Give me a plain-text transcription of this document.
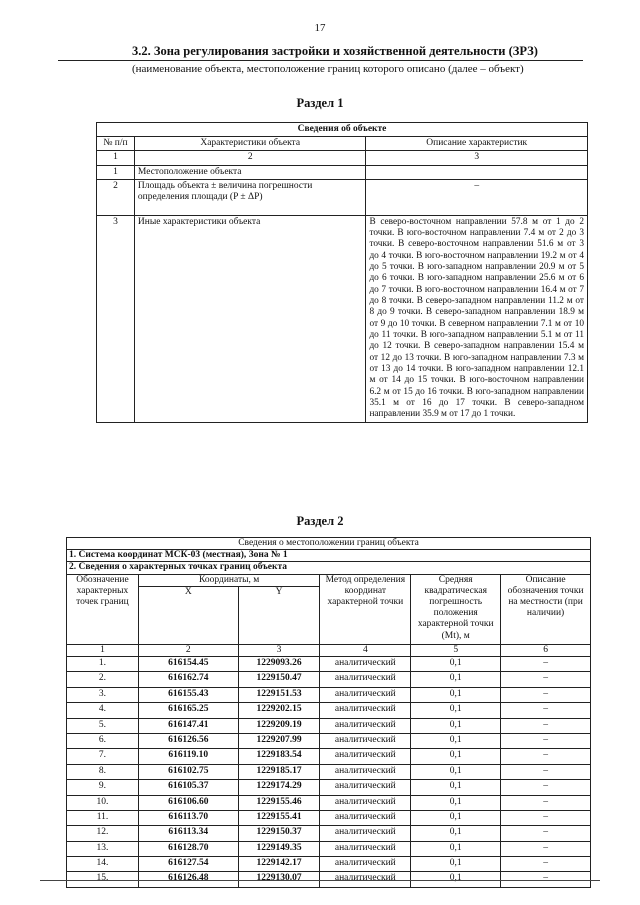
17
3.2. Зона регулирования застройки и хозяйственной деятельности (ЗРЗ)
(наименование объекта, местоположение границ которого описано (далее – объект)
Раздел 1
Сведения об объекте		
№ п/п	Характеристики объекта	Описание характеристик
1	2	3
1	Местоположение объекта	
2	Площадь объекта ± величина погрешности определения площади (P ± ΔP)	–
3	Иные характеристики объекта	В северо-восточном направлении 57.8 м от 1 до 2 точки. В юго-восточном направлении 7.4 м от 2 до 3 точки. В северо-восточном направлении 51.6 м от 3 до 4 точки. В юго-восточном направлении 19.2 м от 4 до 5 точки. В юго-западном направлении 20.9 м от 5 до 6 точки. В юго-западном направлении 25.6 м от 6 до 7 точки. В юго-восточном направлении 16.4 м от 7 до 8 точки. В северо-западном направлении 11.2 м от 8 до 9 точки. В северо-западном направлении 18.9 м от 9 до 10 точки. В северном направлении 7.1 м от 10 до 11 точки. В юго-западном направлении 5.1 м от 11 до 12 точки. В северо-западном направлении 15.4 м от 12 до 13 точки. В юго-западном направлении 7.3 м от 13 до 14 точки. В юго-западном направлении 12.1 м от 14 до 15 точки. В юго-восточном направлении 6.2 м от 15 до 16 точки. В юго-западном направлении 35.1 м от 16 до 17 точки. В северо-западном направлении 35.9 м от 17 до 1 точки.
Раздел 2
Сведения о местоположении границ объекта					
1. Система координат МСК-03 (местная), Зона № 1					
2. Сведения о характерных точках границ объекта					
Обозначение характерных точек границ	Координаты, м		Метод определения координат характерной точки	Средняя квадратическая погрешность положения характерной точки (Mt), м	Описание обозначения точки на местности (при наличии)
	X	Y			
1	2	3	4	5	6
1.	616154.45	1229093.26	аналитический	0,1	–
2.	616162.74	1229150.47	аналитический	0,1	–
3.	616155.43	1229151.53	аналитический	0,1	–
4.	616165.25	1229202.15	аналитический	0,1	–
5.	616147.41	1229209.19	аналитический	0,1	–
6.	616126.56	1229207.99	аналитический	0,1	–
7.	616119.10	1229183.54	аналитический	0,1	–
8.	616102.75	1229185.17	аналитический	0,1	–
9.	616105.37	1229174.29	аналитический	0,1	–
10.	616106.60	1229155.46	аналитический	0,1	–
11.	616113.70	1229155.41	аналитический	0,1	–
12.	616113.34	1229150.37	аналитический	0,1	–
13.	616128.70	1229149.35	аналитический	0,1	–
14.	616127.54	1229142.17	аналитический	0,1	–
15.	616126.48	1229130.07	аналитический	0,1	–
